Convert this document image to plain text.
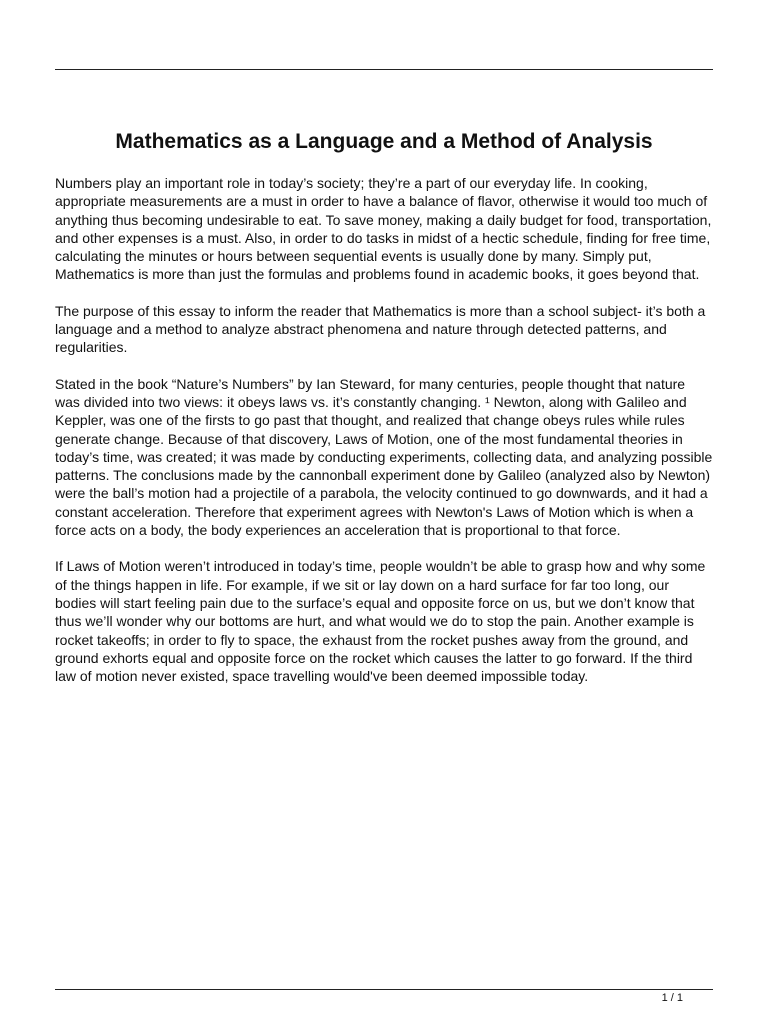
Mathematics as a Language and a Method of Analysis

Numbers play an important role in today’s society; they’re a part of our everyday life. In cooking, appropriate measurements are a must in order to have a balance of flavor, otherwise it would too much of anything thus becoming undesirable to eat. To save money, making a daily budget for food, transportation, and other expenses is a must. Also, in order to do tasks in midst of a hectic schedule, finding for free time, calculating the minutes or hours between sequential events is usually done by many. Simply put, Mathematics is more than just the formulas and problems found in academic books, it goes beyond that.

The purpose of this essay to inform the reader that Mathematics is more than a school subject- it’s both a language and a method to analyze abstract phenomena and nature through detected patterns, and regularities.

Stated in the book “Nature’s Numbers” by Ian Steward, for many centuries, people thought that nature was divided into two views: it obeys laws vs. it’s constantly changing. ¹ Newton, along with Galileo and Keppler, was one of the firsts to go past that thought, and realized that change obeys rules while rules generate change. Because of that discovery, Laws of Motion, one of the most fundamental theories in today’s time, was created; it was made by conducting experiments, collecting data, and analyzing possible patterns. The conclusions made by the cannonball experiment done by Galileo (analyzed also by Newton) were the ball’s motion had a projectile of a parabola, the velocity continued to go downwards, and it had a constant acceleration. Therefore that experiment agrees with Newton's Laws of Motion which is when a force acts on a body, the body experiences an acceleration that is proportional to that force.

If Laws of Motion weren’t introduced in today’s time, people wouldn’t be able to grasp how and why some of the things happen in life. For example, if we sit or lay down on a hard surface for far too long, our bodies will start feeling pain due to the surface’s equal and opposite force on us, but we don’t know that thus we’ll wonder why our bottoms are hurt, and what would we do to stop the pain. Another example is rocket takeoffs; in order to fly to space, the exhaust from the rocket pushes away from the ground, and ground exhorts equal and opposite force on the rocket which causes the latter to go forward. If the third law of motion never existed, space travelling would've been deemed impossible today.

1 / 1
